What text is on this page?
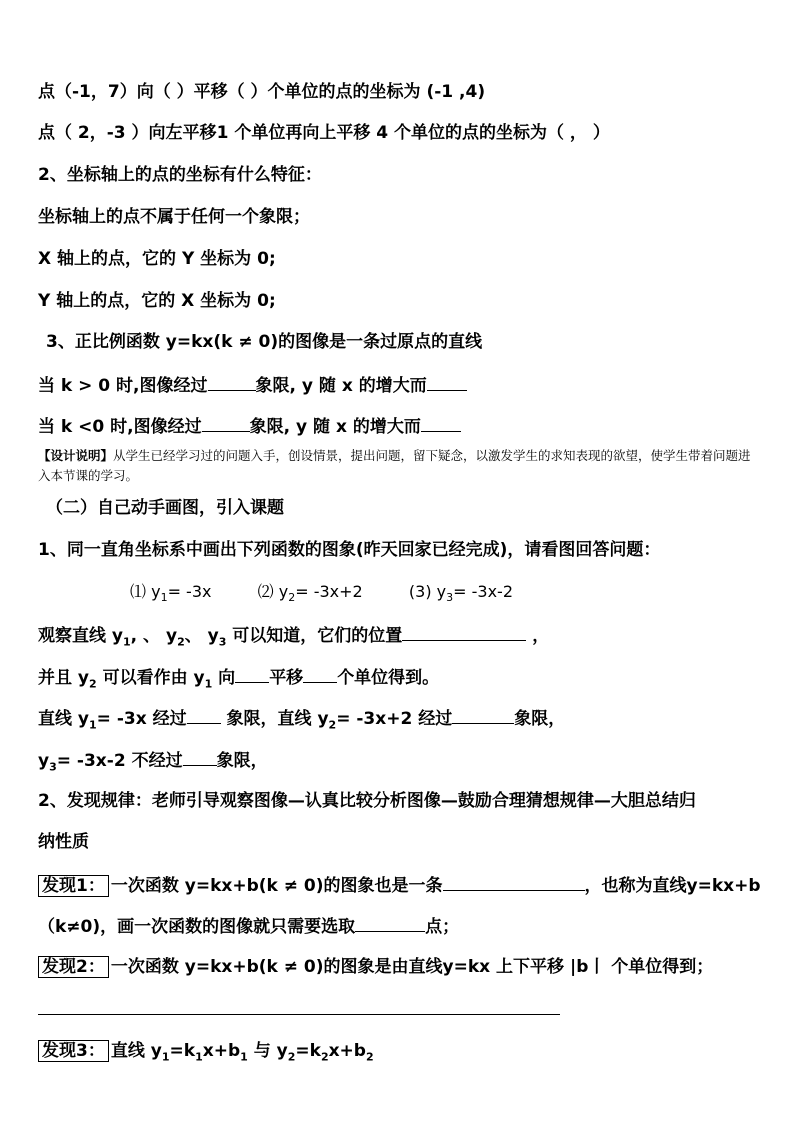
点（-1，7）向（ ）平移（ ）个单位的点的坐标为 (-1 ,4)
点（ 2，-3 ）向左平移1 个单位再向上平移 4 个单位的点的坐标为（ ， ）
2、坐标轴上的点的坐标有什么特征：
坐标轴上的点不属于任何一个象限；
X 轴上的点，它的 Y 坐标为 0;
Y 轴上的点，它的 X 坐标为 0;
3、正比例函数 y=kx(k ≠ 0)的图像是一条过原点的直线
当 k > 0 时,图像经过	象限, y 随 x 的增大而
当 k <0 时,图像经过	象限, y 随 x 的增大而
【设计说明】从学生已经学习过的问题入手，创设情景，提出问题，留下疑念，以激发学生的求知表现的欲望，使学生带着问题进入本节课的学习。
（二）自己动手画图，引入课题
1、同一直角坐标系中画出下列函数的图象(昨天回家已经完成)，请看图回答问题：
⑴ $y_1= -3x$	⑵ $y_2= -3x+2$	(3) $y_3= -3x-2$
观察直线 $y_1$, 、 $y_2$、 $y_3$ 可以知道，它们的位置	，
并且 $y_2$ 可以看作由 $y_1$ 向 平移 个单位得到。
直线 $y_1= -3x$ 经过 象限，直线 $y_2= -3x+2$ 经过	象限，
$y_3= -3x-2$ 不经过 象限，
2、发现规律：老师引导观察图像—认真比较分析图像—鼓励合理猜想规律—大胆总结归
纳性质
发现1： 一次函数 y=kx+b(k ≠ 0)的图象也是一条	，也称为直线y=kx+b
（k≠0)，画一次函数的图像就只需要选取	点；
发现2： 一次函数 y=kx+b(k ≠ 0)的图象是由直线y=kx 上下平移 |b丨 个单位得到；
发现3： 直线 $y_1=k_1x+b_1$ 与 $y_2=k_2x+b_2$
